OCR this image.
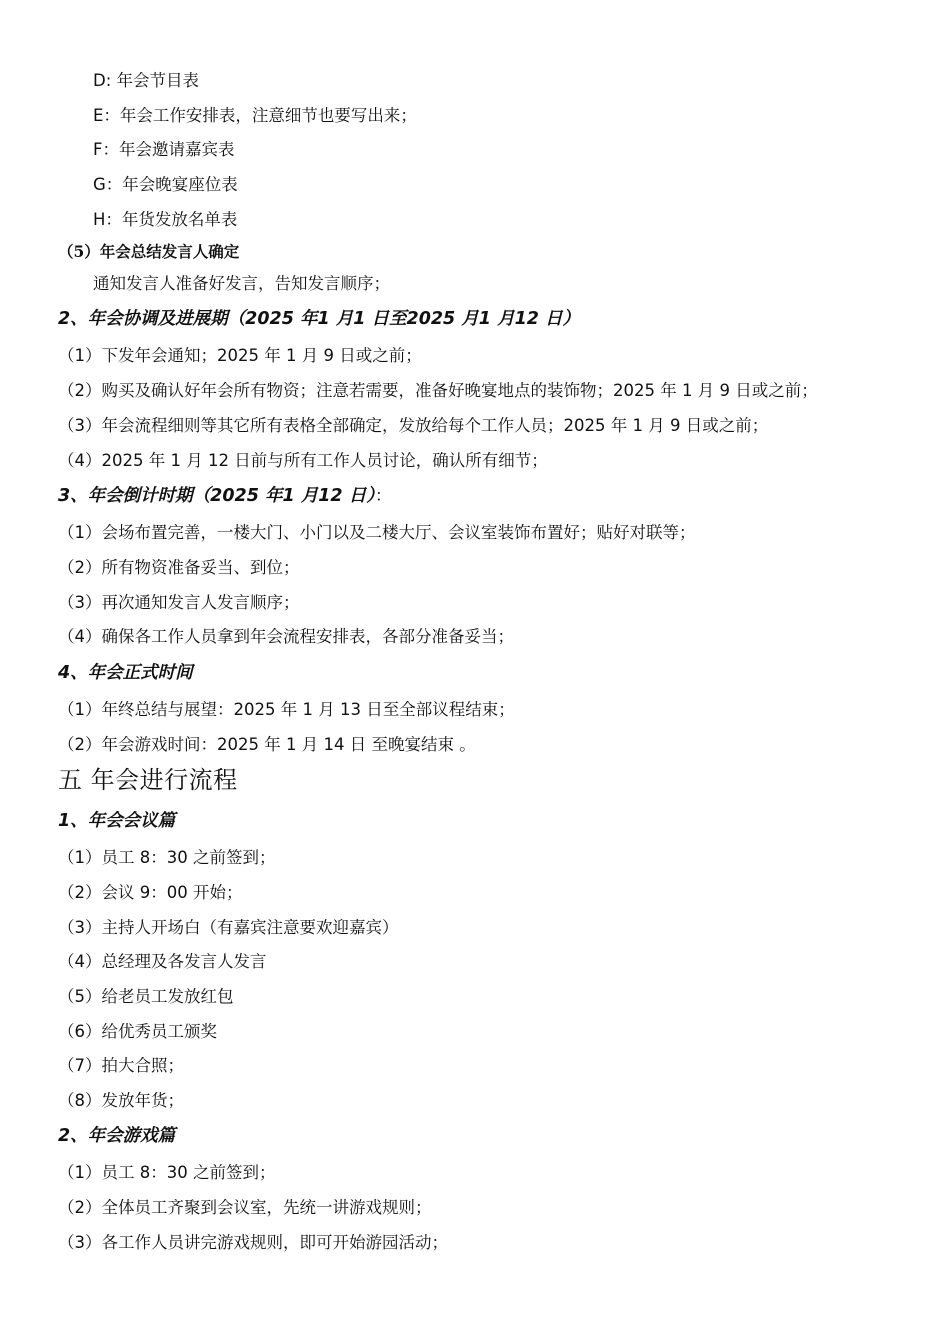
D: 年会节目表
E：年会工作安排表，注意细节也要写出来；
F：年会邀请嘉宾表
G：年会晚宴座位表
H：年货发放名单表
（5）年会总结发言人确定
通知发言人准备好发言，告知发言顺序；
2、年会协调及进展期（2025 年1 月1 日至2025 月1 月12 日）
（1）下发年会通知；2025 年 1 月 9 日或之前；
（2）购买及确认好年会所有物资；注意若需要，准备好晚宴地点的装饰物；2025 年 1 月 9 日或之前；
（3）年会流程细则等其它所有表格全部确定，发放给每个工作人员；2025 年 1 月 9 日或之前；
（4）2025 年 1 月 12 日前与所有工作人员讨论，确认所有细节；
3、年会倒计时期（2025 年1 月12 日）：
（1）会场布置完善，一楼大门、小门以及二楼大厅、会议室装饰布置好；贴好对联等；
（2）所有物资准备妥当、到位；
（3）再次通知发言人发言顺序；
（4）确保各工作人员拿到年会流程安排表，各部分准备妥当；
4、年会正式时间
（1）年终总结与展望：2025 年 1 月 13 日至全部议程结束；
（2）年会游戏时间：2025 年 1 月 14 日 至晚宴结束 。
五 年会进行流程
1、年会会议篇
（1）员工 8：30 之前签到；
（2）会议 9：00 开始；
（3）主持人开场白（有嘉宾注意要欢迎嘉宾）
（4）总经理及各发言人发言
（5）给老员工发放红包
（6）给优秀员工颁奖
（7）拍大合照；
（8）发放年货；
2、年会游戏篇
（1）员工 8：30 之前签到；
（2）全体员工齐聚到会议室，先统一讲游戏规则；
（3）各工作人员讲完游戏规则，即可开始游园活动；
